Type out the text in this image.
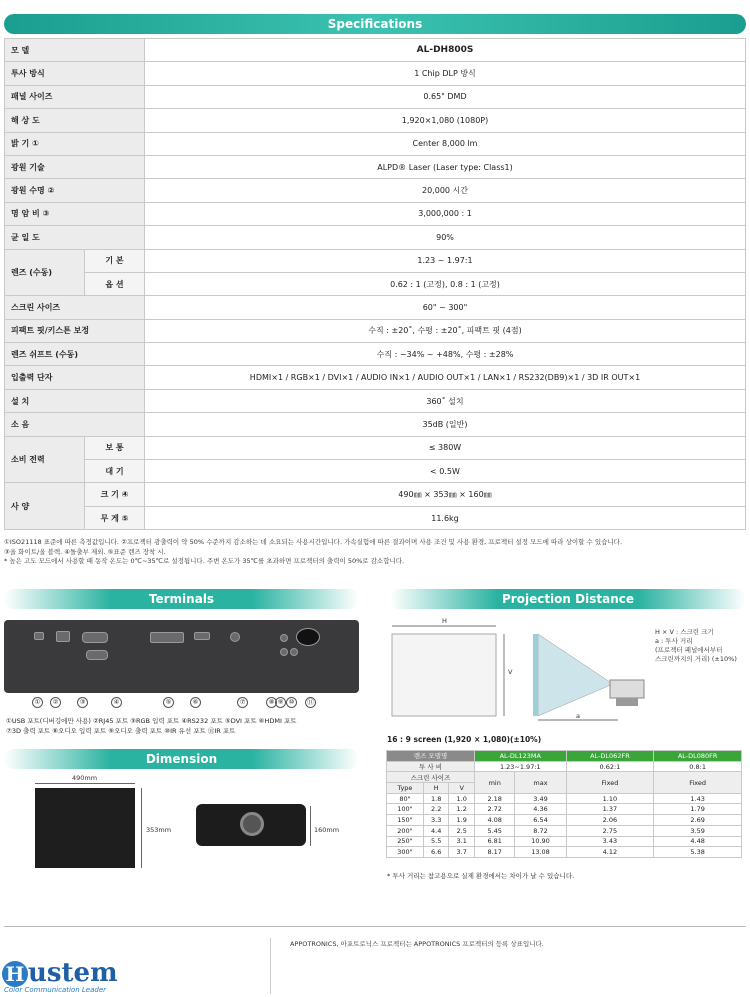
Specifications
모 델		AL-DH800S
투사 방식		1 Chip DLP 방식
패널 사이즈		0.65" DMD
해 상 도		1,920×1,080 (1080P)
밝 기 ①		Center 8,000 lm
광원 기술		ALPD® Laser (Laser type: Class1)
광원 수명 ②		20,000 시간
명 암 비 ③		3,000,000 : 1
균 일 도		90%
렌즈 (수동)	기 본	1.23 ~ 1.97:1
	옵 션	0.62 : 1 (고정), 0.8 : 1 (고정)
스크린 사이즈		60" ~ 300"
피팩트 핏/키스톤 보정		수직 : ±20˚, 수평 : ±20˚, 피팩트 핏 (4점)
렌즈 쉬프트 (수동)		수직 : −34% ~ +48%, 수평 : ±28%
입출력 단자		HDMI×1 / RGB×1 / DVI×1 / AUDIO IN×1 / AUDIO OUT×1 / LAN×1 / RS232(DB9)×1 / 3D IR OUT×1
설 치		360˚ 설치
소 음		35dB (일반)
소비 전력	보 통	≤ 380W
	대 기	< 0.5W
사 양	크 기 ④	490㎜ × 353㎜ × 160㎜
	무 게 ⑤	11.6kg
①ISO21118 표준에 따른 측정값입니다. ②프로젝터 광출력이 약 50% 수준까지 감소하는 데 소요되는 사용시간입니다. 가속실험에 따른 결과이며 사용 조건 및 사용 환경, 프로젝터 설정 모드에 따라 상이할 수 있습니다.
③올 화이트/올 블랙. ④돌출부 제외. ⑤표준 렌즈 장착 시.
* 높은 고도 모드에서 사용할 때 동작 온도는 0℃~35℃로 설정됩니다. 주변 온도가 35℃를 초과하면 프로젝터의 출력이 50%로 감소합니다.
Terminals
①	②	③	④	⑤	⑥	⑦	⑧ ⑨ ⑩	⑪
①USB 포트(디버깅에만 사용) ②RJ45 포트 ③RGB 입력 포트 ④RS232 포트 ⑤DVI 포트 ⑥HDMI 포트
⑦3D 출력 포트 ⑧오디오 입력 포트 ⑨오디오 출력 포트 ⑩IR 유선 포트 ⑪IR 포트
Dimension
490mm
353mm	160mm
Projection Distance
H
V
a
H × V : 스크린 크기
a : 투사 거리
(프로젝터 패널에서부터
스크린까지의 거리) (±10%)
16 : 9 screen (1,920 × 1,080)(±10%)
렌즈 모델명			AL-DL123MA		AL-DL062FR	AL-DL080FR
투 사 비			1.23~1.97:1		0.62:1	0.8:1
스크린 사이즈			min	max	Fixed	Fixed
Type	H	V				
80"	1.8	1.0	2.18	3.49	1.10	1.43
100"	2.2	1.2	2.72	4.36	1.37	1.79
150"	3.3	1.9	4.08	6.54	2.06	2.69
200"	4.4	2.5	5.45	8.72	2.75	3.59
250"	5.5	3.1	6.81	10.90	3.43	4.48
300"	6.6	3.7	8.17	13.08	4.12	5.38
* 투사 거리는 참고용으로 실제 환경에서는 차이가 날 수 있습니다.
H ustem
Color Communication Leader
APPOTRONICS, 아포트로닉스 프로젝터는 APPOTRONICS 프로젝터의 등록 상표입니다.
